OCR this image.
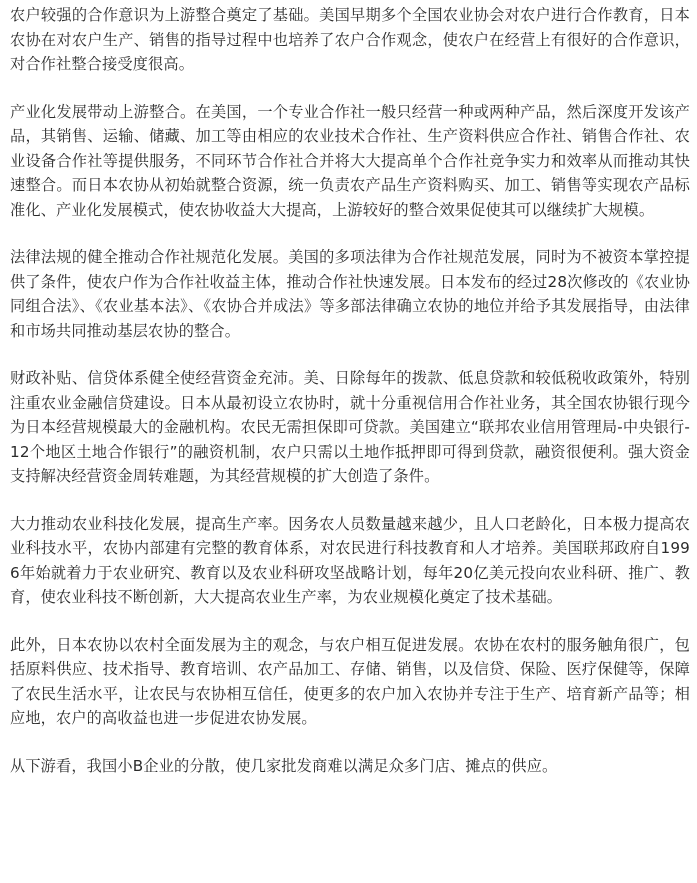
农户较强的合作意识为上游整合奠定了基础。美国早期多个全国农业协会对农户进行合作教育，日本农协在对农户生产、销售的指导过程中也培养了农户合作观念，使农户在经营上有很好的合作意识，对合作社整合接受度很高。

产业化发展带动上游整合。在美国，一个专业合作社一般只经营一种或两种产品，然后深度开发该产品，其销售、运输、储藏、加工等由相应的农业技术合作社、生产资料供应合作社、销售合作社、农业设备合作社等提供服务，不同环节合作社合并将大大提高单个合作社竞争实力和效率从而推动其快速整合。而日本农协从初始就整合资源，统一负责农产品生产资料购买、加工、销售等实现农产品标准化、产业化发展模式，使农协收益大大提高，上游较好的整合效果促使其可以继续扩大规模。

法律法规的健全推动合作社规范化发展。美国的多项法律为合作社规范发展，同时为不被资本掌控提供了条件，使农户作为合作社收益主体，推动合作社快速发展。日本发布的经过28次修改的《农业协同组合法》、《农业基本法》、《农协合并成法》等多部法律确立农协的地位并给予其发展指导，由法律和市场共同推动基层农协的整合。

财政补贴、信贷体系健全使经营资金充沛。美、日除每年的拨款、低息贷款和较低税收政策外，特别注重农业金融信贷建设。日本从最初设立农协时，就十分重视信用合作社业务，其全国农协银行现今为日本经营规模最大的金融机构。农民无需担保即可贷款。美国建立“联邦农业信用管理局-中央银行-12个地区土地合作银行”的融资机制，农户只需以土地作抵押即可得到贷款，融资很便利。强大资金支持解决经营资金周转难题，为其经营规模的扩大创造了条件。

大力推动农业科技化发展，提高生产率。因务农人员数量越来越少，且人口老龄化，日本极力提高农业科技水平，农协内部建有完整的教育体系，对农民进行科技教育和人才培养。美国联邦政府自1996年始就着力于农业研究、教育以及农业科研攻坚战略计划，每年20亿美元投向农业科研、推广、教育，使农业科技不断创新，大大提高农业生产率，为农业规模化奠定了技术基础。

此外，日本农协以农村全面发展为主的观念，与农户相互促进发展。农协在农村的服务触角很广，包括原料供应、技术指导、教育培训、农产品加工、存储、销售，以及信贷、保险、医疗保健等，保障了农民生活水平，让农民与农协相互信任，使更多的农户加入农协并专注于生产、培育新产品等；相应地，农户的高收益也进一步促进农协发展。

从下游看，我国小B企业的分散，使几家批发商难以满足众多门店、摊点的供应。
